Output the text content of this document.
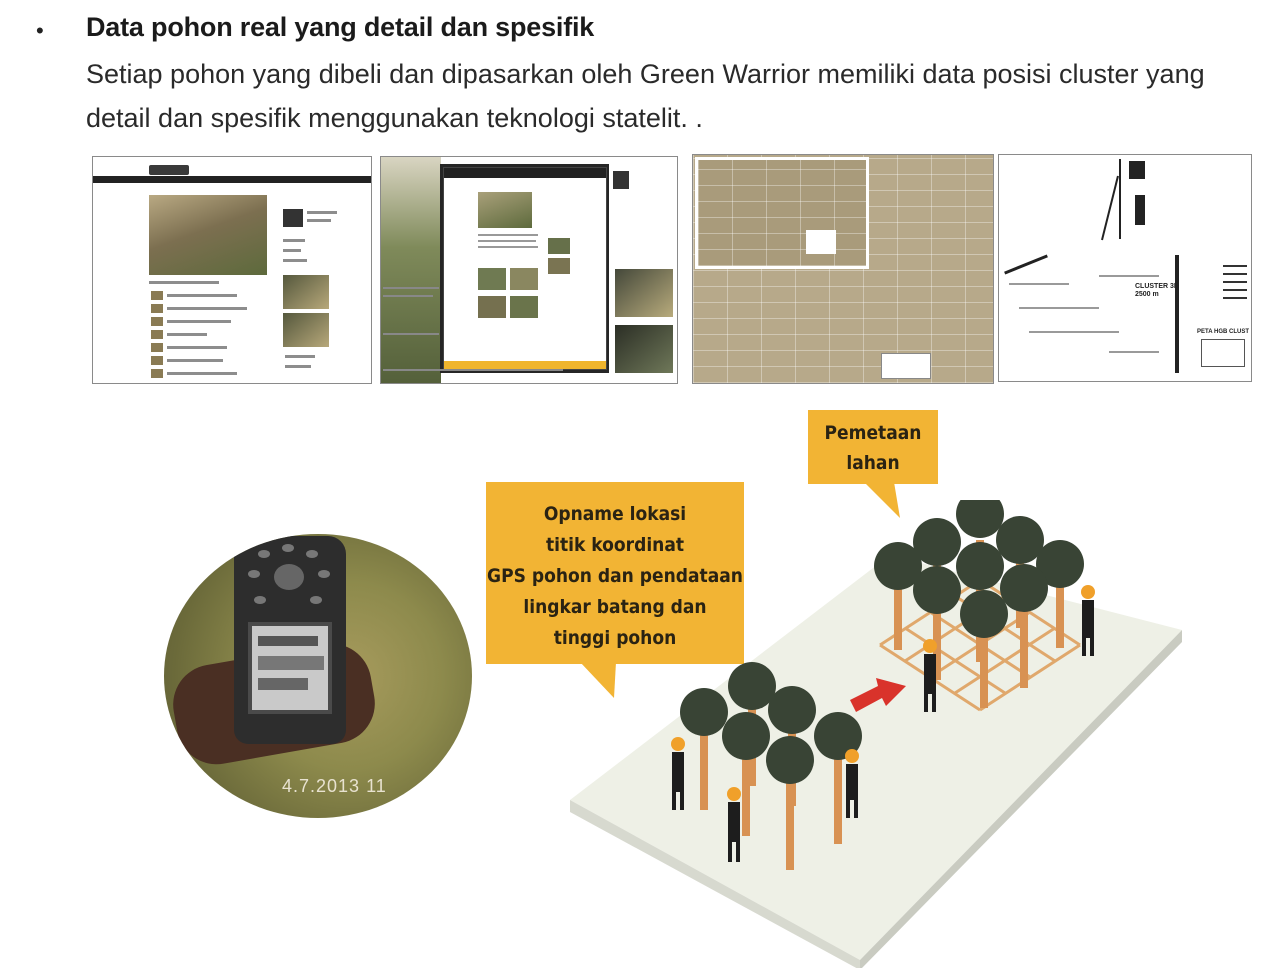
• Data pohon real yang detail dan spesifik
Setiap pohon yang dibeli dan dipasarkan oleh Green Warrior memiliki data posisi cluster yang detail dan spesifik menggunakan teknologi statelit. .
CLUSTER 3B
2500 m
PETA HGB CLUST
4.7.2013 11
Opname lokasi
titik koordinat
GPS pohon dan pendataan
lingkar batang dan
tinggi pohon
Pemetaan
lahan
